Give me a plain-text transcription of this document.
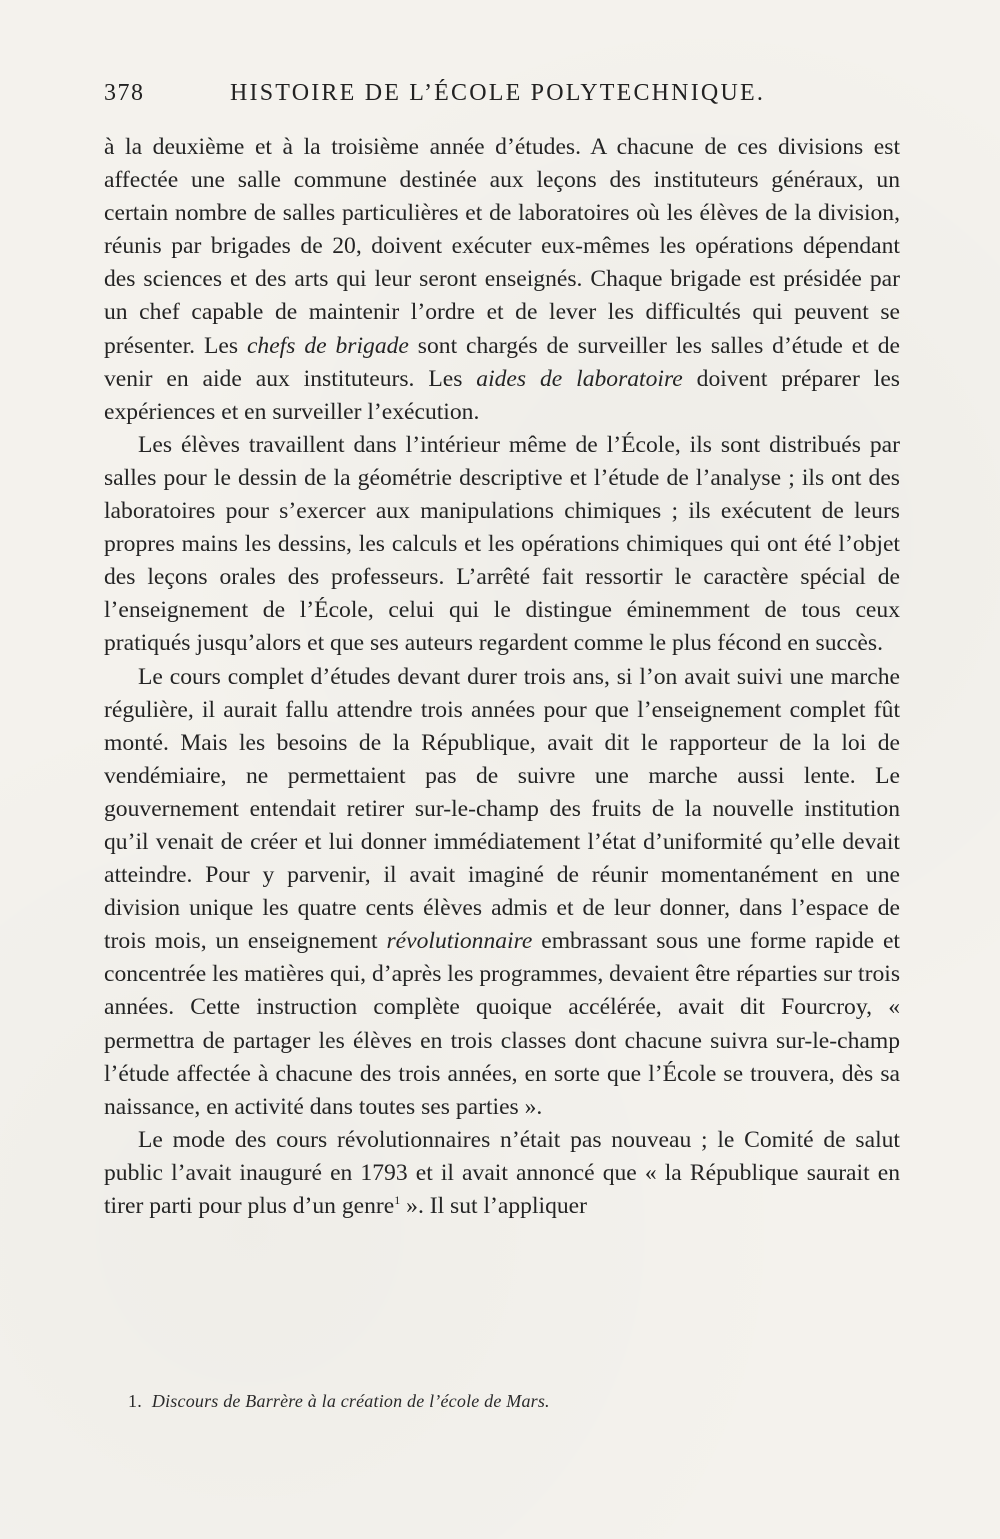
378	HISTOIRE DE L’ÉCOLE POLYTECHNIQUE.

à la deuxième et à la troisième année d’études. A chacune de ces divisions est affectée une salle commune destinée aux leçons des instituteurs généraux, un certain nombre de salles particulières et de laboratoires où les élèves de la division, réunis par brigades de 20, doivent exécuter eux-mêmes les opérations dépendant des sciences et des arts qui leur seront enseignés. Chaque brigade est présidée par un chef capable de maintenir l’ordre et de lever les difficultés qui peuvent se présenter. Les chefs de brigade sont chargés de surveiller les salles d’étude et de venir en aide aux instituteurs. Les aides de laboratoire doivent préparer les expériences et en surveiller l’exécution.

Les élèves travaillent dans l’intérieur même de l’École, ils sont distribués par salles pour le dessin de la géométrie descriptive et l’étude de l’analyse ; ils ont des laboratoires pour s’exercer aux manipulations chimiques ; ils exécutent de leurs propres mains les dessins, les calculs et les opérations chimiques qui ont été l’objet des leçons orales des professeurs. L’arrêté fait ressortir le caractère spécial de l’enseignement de l’École, celui qui le distingue éminemment de tous ceux pratiqués jusqu’alors et que ses auteurs regardent comme le plus fécond en succès.

Le cours complet d’études devant durer trois ans, si l’on avait suivi une marche régulière, il aurait fallu attendre trois années pour que l’enseignement complet fût monté. Mais les besoins de la République, avait dit le rapporteur de la loi de vendémiaire, ne permettaient pas de suivre une marche aussi lente. Le gouvernement entendait retirer sur-le-champ des fruits de la nouvelle institution qu’il venait de créer et lui donner immédiatement l’état d’uniformité qu’elle devait atteindre. Pour y parvenir, il avait imaginé de réunir momentanément en une division unique les quatre cents élèves admis et de leur donner, dans l’espace de trois mois, un enseignement révolutionnaire embrassant sous une forme rapide et concentrée les matières qui, d’après les programmes, devaient être réparties sur trois années. Cette instruction complète quoique accélérée, avait dit Fourcroy, « permettra de partager les élèves en trois classes dont chacune suivra sur-le-champ l’étude affectée à chacune des trois années, en sorte que l’École se trouvera, dès sa naissance, en activité dans toutes ses parties ».

Le mode des cours révolutionnaires n’était pas nouveau ; le Comité de salut public l’avait inauguré en 1793 et il avait annoncé que « la République saurait en tirer parti pour plus d’un genre$^1$ ». Il sut l’appliquer

1. Discours de Barrère à la création de l’école de Mars.
